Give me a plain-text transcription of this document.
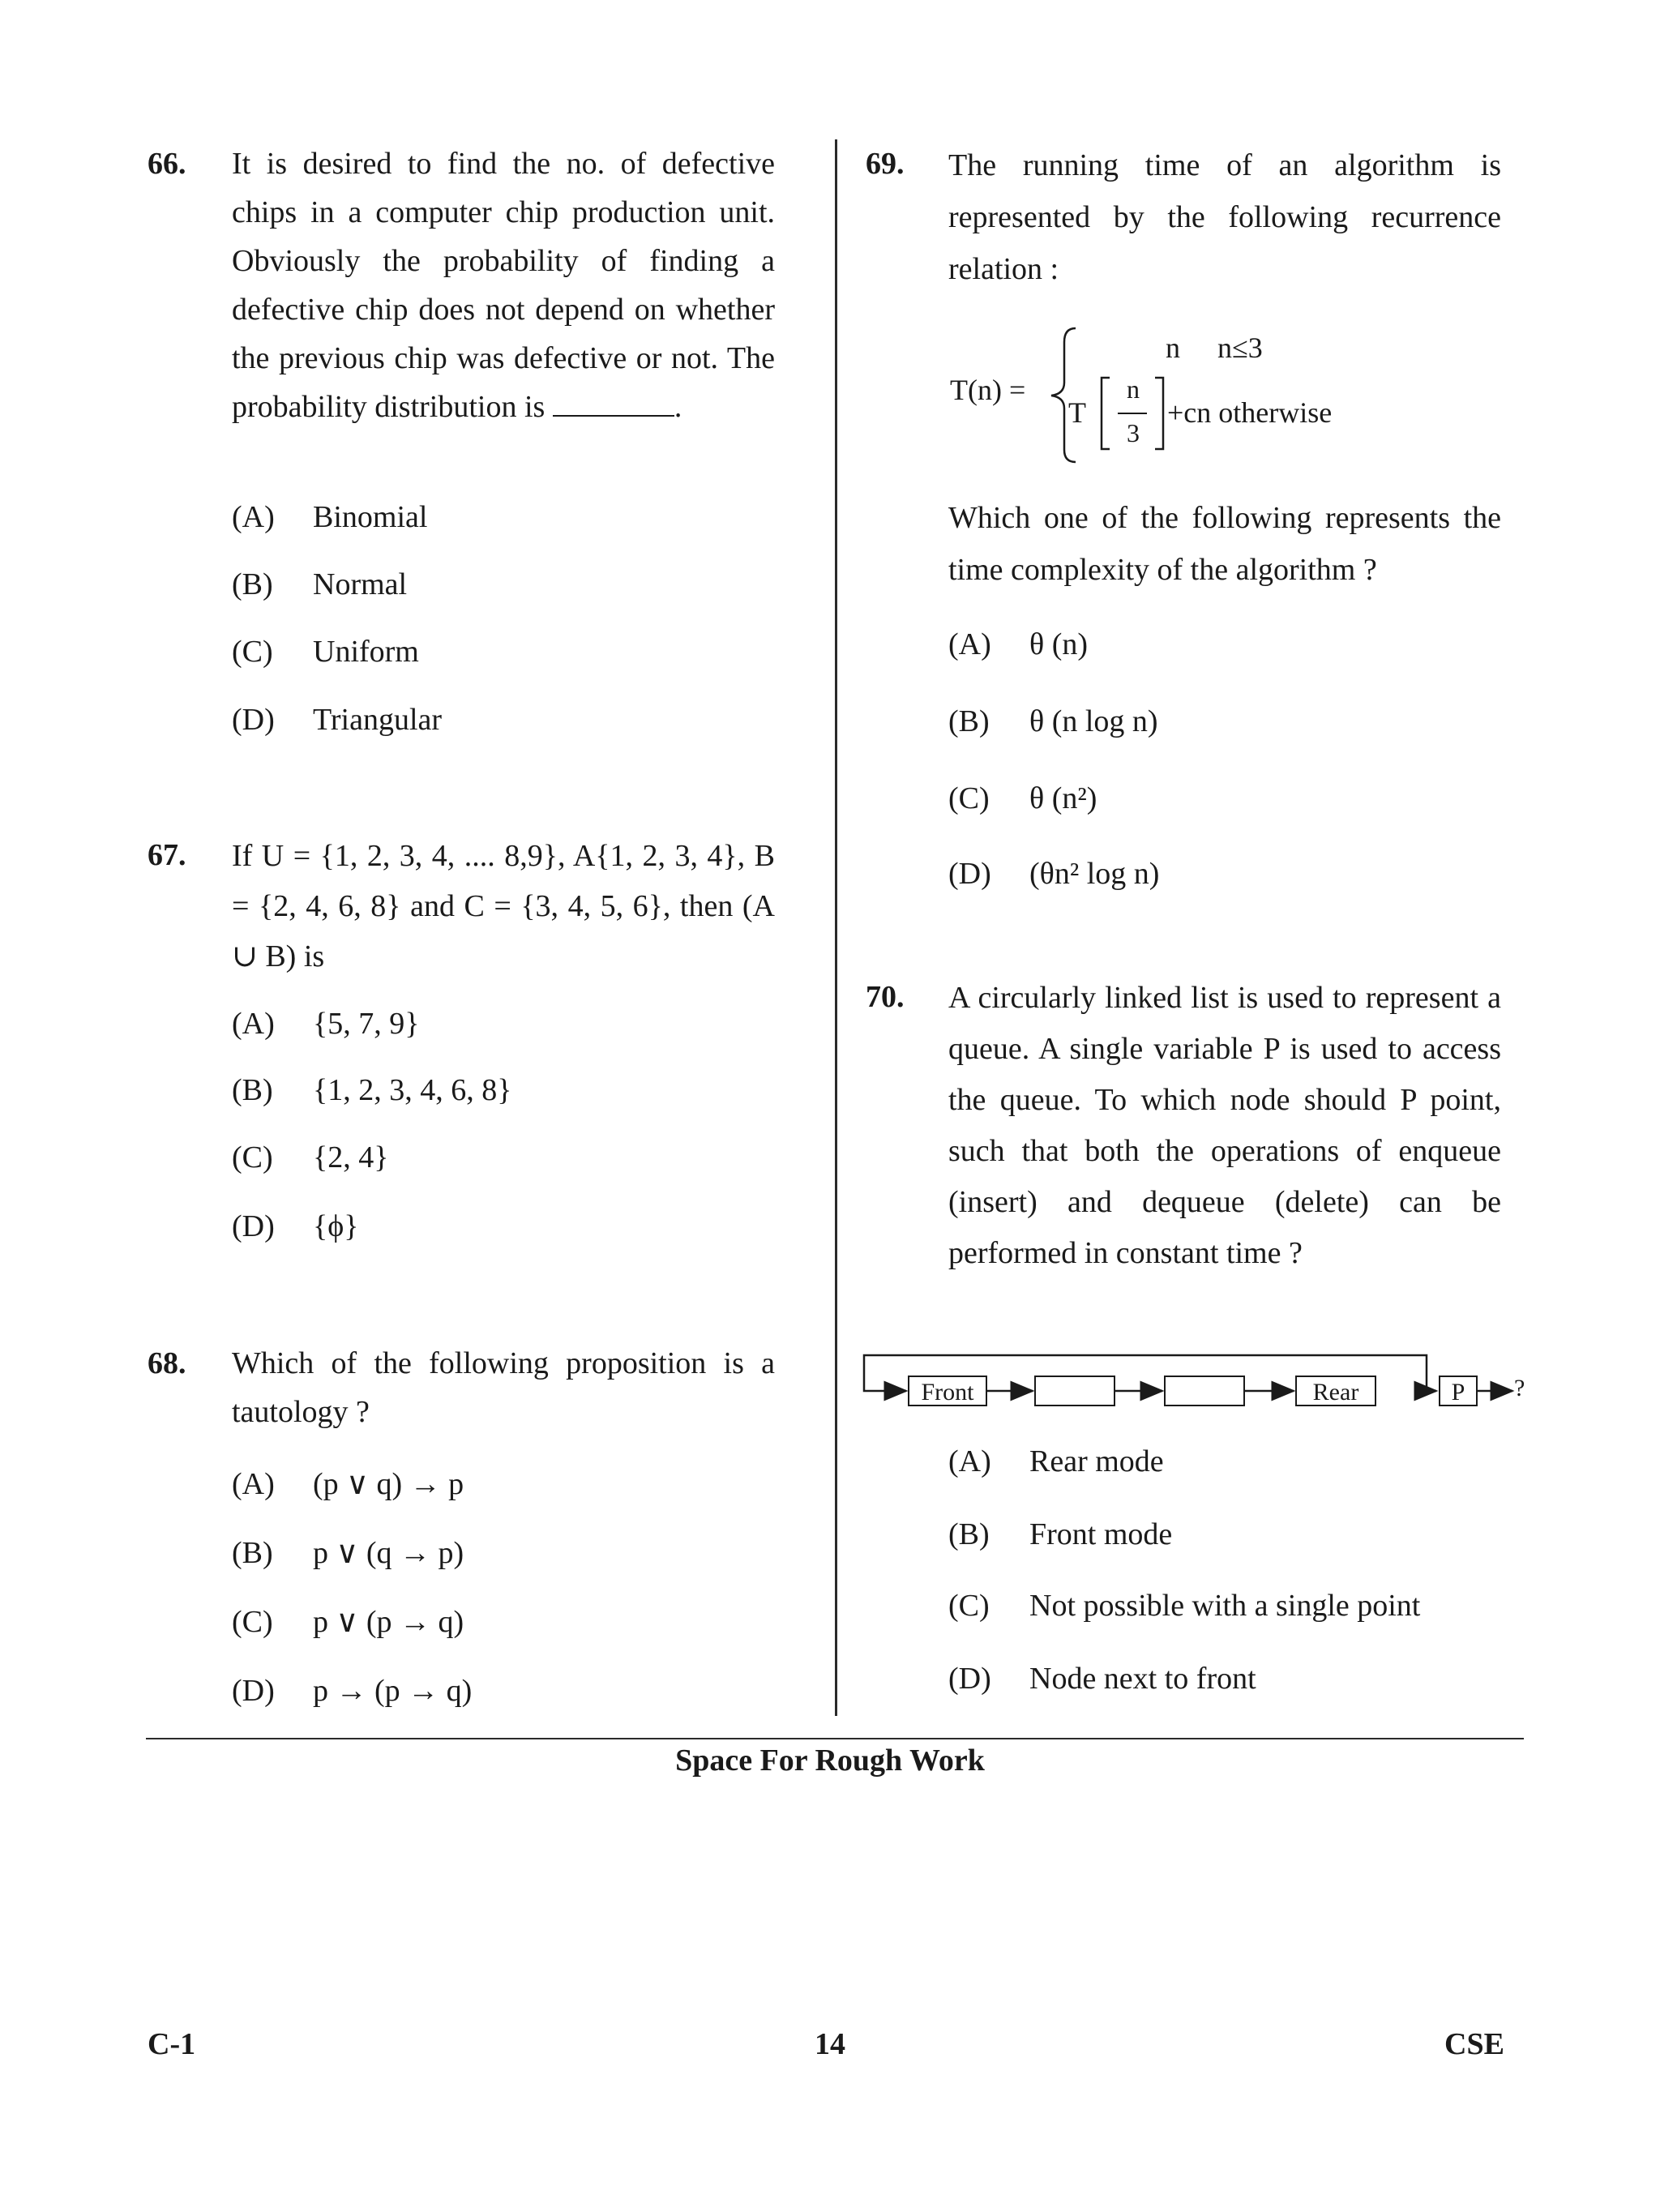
66. It is desired to find the no. of defective chips in a computer chip production unit. Obviously the probability of finding a defective chip does not depend on whether the previous chip was defective or not. The probability distribution is	.
(A) Binomial
(B) Normal
(C) Uniform
(D) Triangular
67. If U = {1, 2, 3, 4, .... 8,9}, A{1, 2, 3, 4}, B = {2, 4, 6, 8} and C = {3, 4, 5, 6}, then (A ∪ B) is
(A) {5, 7, 9}
(B) {1, 2, 3, 4, 6, 8}
(C) {2, 4}
(D) {ϕ}
68. Which of the following proposition is a tautology ?
(A) (p ∨ q) → p
(B) p ∨ (q → p)
(C) p ∨ (p → q)
(D) p → (p → q)
69. The running time of an algorithm is represented by the following recurrence relation :
T(n) =
n n≤3
T
n
3
+cn otherwise
Which one of the following represents the time complexity of the algorithm ?
(A) θ (n)
(B) θ (n log n)
(C) θ (n²)
(D) (θn² log n)
70. A circularly linked list is used to represent a queue. A single variable P is used to access the queue. To which node should P point, such that both the operations of enqueue (insert) and dequeue (delete) can be performed in constant time ?
Front	Rear	P	?
(A) Rear mode
(B) Front mode
(C) Not possible with a single point
(D) Node next to front
Space For Rough Work
C-1	14	CSE
